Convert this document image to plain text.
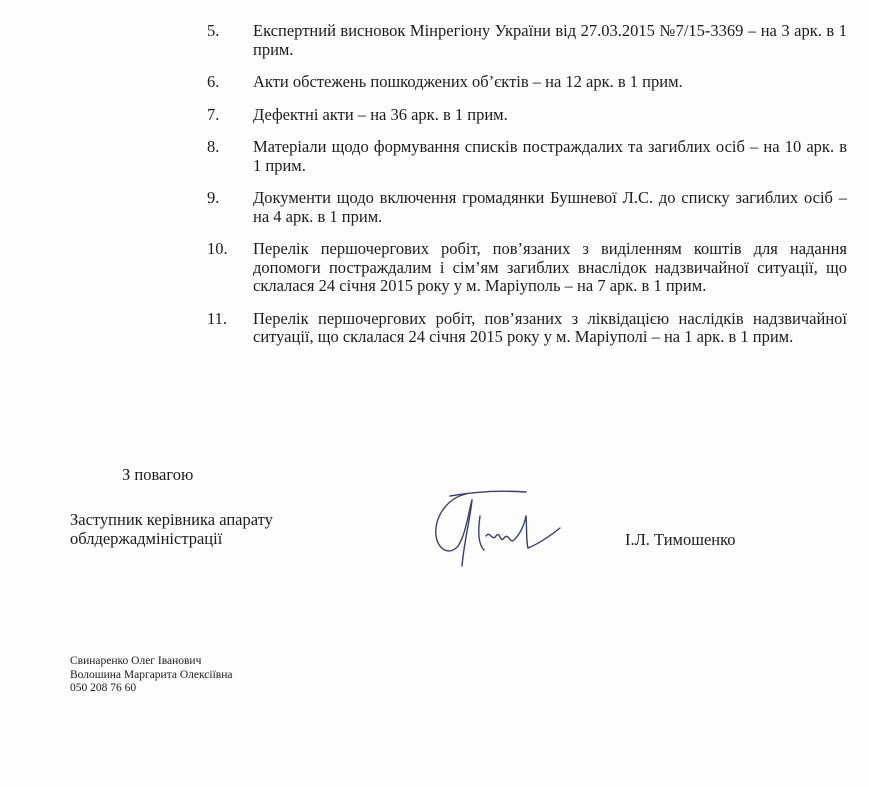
5.	Експертний висновок Мінрегіону України від 27.03.2015 №7/15-3369 – на 3 арк. в 1 прим.
6.	Акти обстежень пошкоджених об’єктів – на 12 арк. в 1 прим.
7.	Дефектні акти – на 36 арк. в 1 прим.
8.	Матеріали щодо формування списків постраждалих та загиблих осіб – на 10 арк. в 1 прим.
9.	Документи щодо включення громадянки Бушневої Л.С. до списку загиблих осіб – на 4 арк. в 1 прим.
10.	Перелік першочергових робіт, пов’язаних з виділенням коштів для надання допомоги постраждалим і сім’ям загиблих внаслідок надзвичайної ситуації, що склалася 24 січня 2015 року у м. Маріуполь – на 7 арк. в 1 прим.
11.	Перелік першочергових робіт, пов’язаних з ліквідацією наслідків надзвичайної ситуації, що склалася 24 січня 2015 року у м. Маріуполі – на 1 арк. в 1 прим.
З повагою
Заступник керівника апарату
облдержадміністрації	І.Л. Тимошенко
Свинаренко Олег Іванович
Волошина Маргарита Олексіївна
050 208 76 60
